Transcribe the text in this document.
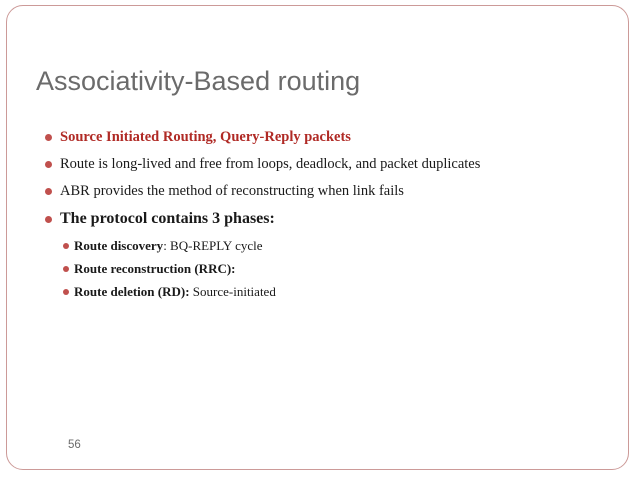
Associativity-Based routing
Source Initiated Routing, Query-Reply packets
Route is long-lived and free from loops, deadlock, and packet duplicates
ABR provides the method of reconstructing when link fails
The protocol contains 3 phases:
Route discovery: BQ-REPLY cycle
Route reconstruction (RRC):
Route deletion (RD): Source-initiated
56
